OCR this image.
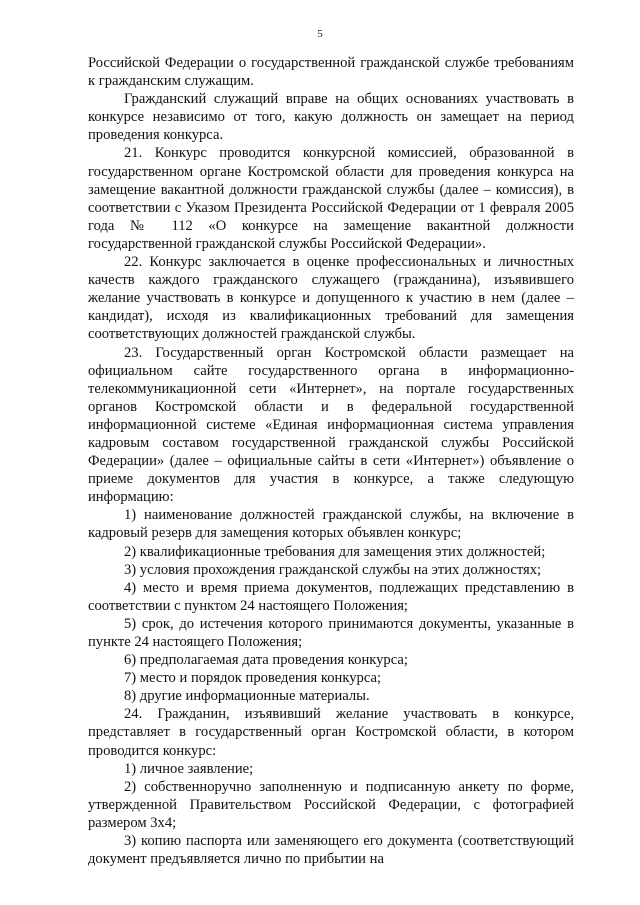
5

Российской Федерации о государственной гражданской службе требованиям к гражданским служащим.

Гражданский служащий вправе на общих основаниях участвовать в конкурсе независимо от того, какую должность он замещает на период проведения конкурса.

21. Конкурс проводится конкурсной комиссией, образованной в государственном органе Костромской области для проведения конкурса на замещение вакантной должности гражданской службы (далее – комиссия), в соответствии с Указом Президента Российской Федерации от 1 февраля 2005 года № 112 «О конкурсе на замещение вакантной должности государственной гражданской службы Российской Федерации».

22. Конкурс заключается в оценке профессиональных и личностных качеств каждого гражданского служащего (гражданина), изъявившего желание участвовать в конкурсе и допущенного к участию в нем (далее – кандидат), исходя из квалификационных требований для замещения соответствующих должностей гражданской службы.

23. Государственный орган Костромской области размещает на официальном сайте государственного органа в информационно-телекоммуникационной сети «Интернет», на портале государственных органов Костромской области и в федеральной государственной информационной системе «Единая информационная система управления кадровым составом государственной гражданской службы Российской Федерации» (далее – официальные сайты в сети «Интернет») объявление о приеме документов для участия в конкурсе, а также следующую информацию:

1) наименование должностей гражданской службы, на включение в кадровый резерв для замещения которых объявлен конкурс;

2) квалификационные требования для замещения этих должностей;

3) условия прохождения гражданской службы на этих должностях;

4) место и время приема документов, подлежащих представлению в соответствии с пунктом 24 настоящего Положения;

5) срок, до истечения которого принимаются документы, указанные в пункте 24 настоящего Положения;

6) предполагаемая дата проведения конкурса;

7) место и порядок проведения конкурса;

8) другие информационные материалы.

24. Гражданин, изъявивший желание участвовать в конкурсе, представляет в государственный орган Костромской области, в котором проводится конкурс:

1) личное заявление;

2) собственноручно заполненную и подписанную анкету по форме, утвержденной Правительством Российской Федерации, с фотографией размером 3x4;

3) копию паспорта или заменяющего его документа (соответствующий документ предъявляется лично по прибытии на
